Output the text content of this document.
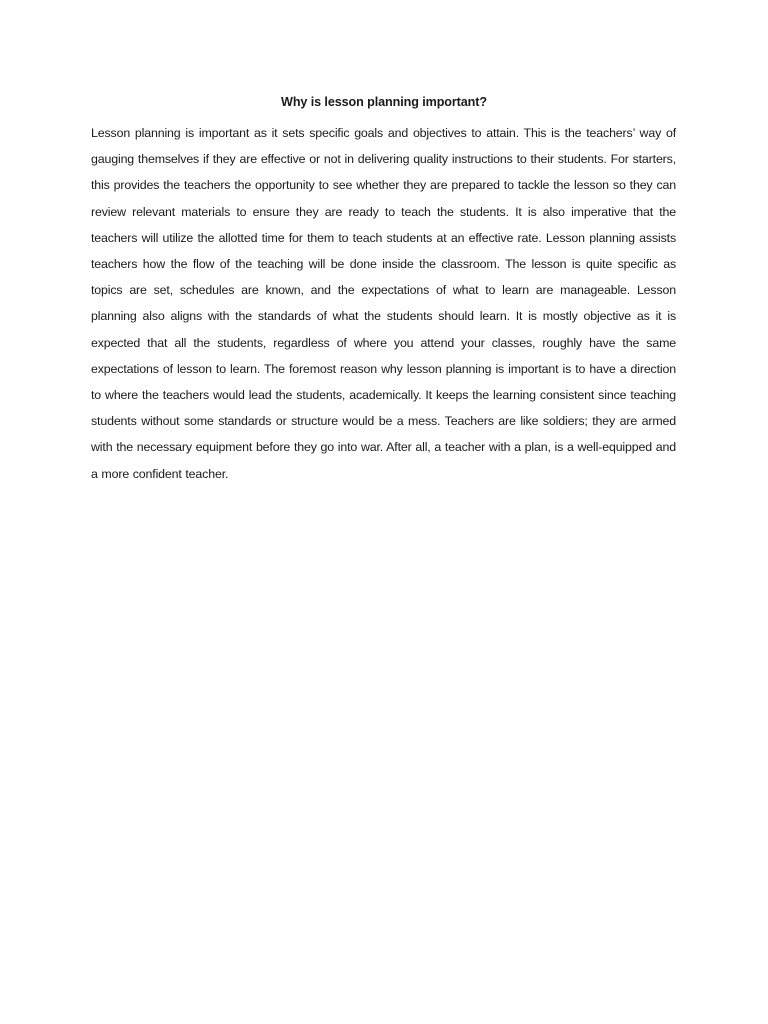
Why is lesson planning important?

Lesson planning is important as it sets specific goals and objectives to attain. This is the teachers’ way of gauging themselves if they are effective or not in delivering quality instructions to their students. For starters, this provides the teachers the opportunity to see whether they are prepared to tackle the lesson so they can review relevant materials to ensure they are ready to teach the students. It is also imperative that the teachers will utilize the allotted time for them to teach students at an effective rate. Lesson planning assists teachers how the flow of the teaching will be done inside the classroom. The lesson is quite specific as topics are set, schedules are known, and the expectations of what to learn are manageable. Lesson planning also aligns with the standards of what the students should learn. It is mostly objective as it is expected that all the students, regardless of where you attend your classes, roughly have the same expectations of lesson to learn. The foremost reason why lesson planning is important is to have a direction to where the teachers would lead the students, academically. It keeps the learning consistent since teaching students without some standards or structure would be a mess. Teachers are like soldiers; they are armed with the necessary equipment before they go into war. After all, a teacher with a plan, is a well-equipped and a more confident teacher.
